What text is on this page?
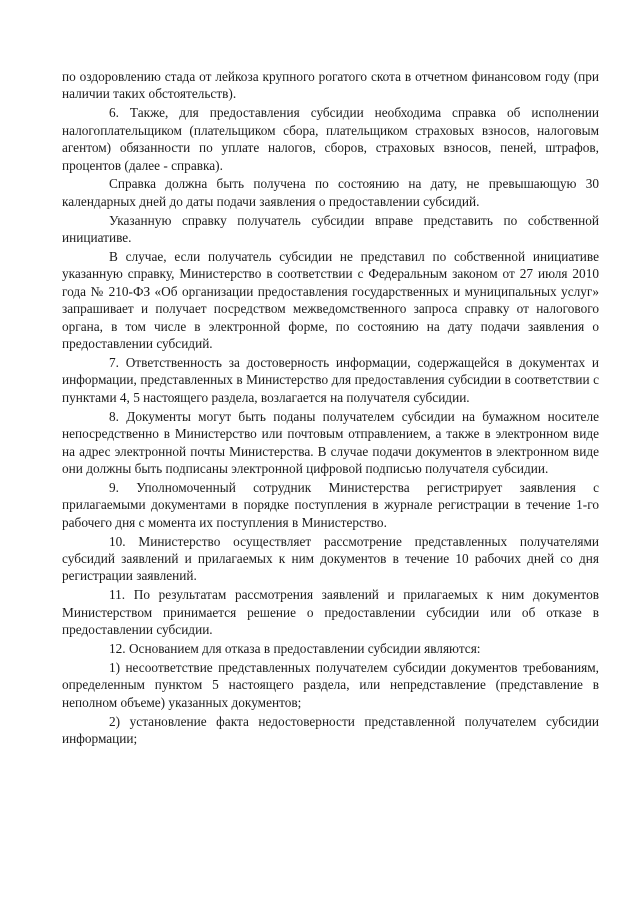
по оздоровлению стада от лейкоза крупного рогатого скота в отчетном финансовом году (при наличии таких обстоятельств).

6. Также, для предоставления субсидии необходима справка об исполнении налогоплательщиком (плательщиком сбора, плательщиком страховых взносов, налоговым агентом) обязанности по уплате налогов, сборов, страховых взносов, пеней, штрафов, процентов (далее - справка).

Справка должна быть получена по состоянию на дату, не превышающую 30 календарных дней до даты подачи заявления о предоставлении субсидий.

Указанную справку получатель субсидии вправе представить по собственной инициативе.

В случае, если получатель субсидии не представил по собственной инициативе указанную справку, Министерство в соответствии с Федеральным законом от 27 июля 2010 года № 210-ФЗ «Об организации предоставления государственных и муниципальных услуг» запрашивает и получает посредством межведомственного запроса справку от налогового органа, в том числе в электронной форме, по состоянию на дату подачи заявления о предоставлении субсидий.

7. Ответственность за достоверность информации, содержащейся в документах и информации, представленных в Министерство для предоставления субсидии в соответствии с пунктами 4, 5 настоящего раздела, возлагается на получателя субсидии.

8. Документы могут быть поданы получателем субсидии на бумажном носителе непосредственно в Министерство или почтовым отправлением, а также в электронном виде на адрес электронной почты Министерства. В случае подачи документов в электронном виде они должны быть подписаны электронной цифровой подписью получателя субсидии.

9. Уполномоченный сотрудник Министерства регистрирует заявления с прилагаемыми документами в порядке поступления в журнале регистрации в течение 1-го рабочего дня с момента их поступления в Министерство.

10. Министерство осуществляет рассмотрение представленных получателями субсидий заявлений и прилагаемых к ним документов в течение 10 рабочих дней со дня регистрации заявлений.

11. По результатам рассмотрения заявлений и прилагаемых к ним документов Министерством принимается решение о предоставлении субсидии или об отказе в предоставлении субсидии.

12. Основанием для отказа в предоставлении субсидии являются:

1) несоответствие представленных получателем субсидии документов требованиям, определенным пунктом 5 настоящего раздела, или непредставление (представление в неполном объеме) указанных документов;

2) установление факта недостоверности представленной получателем субсидии информации;
